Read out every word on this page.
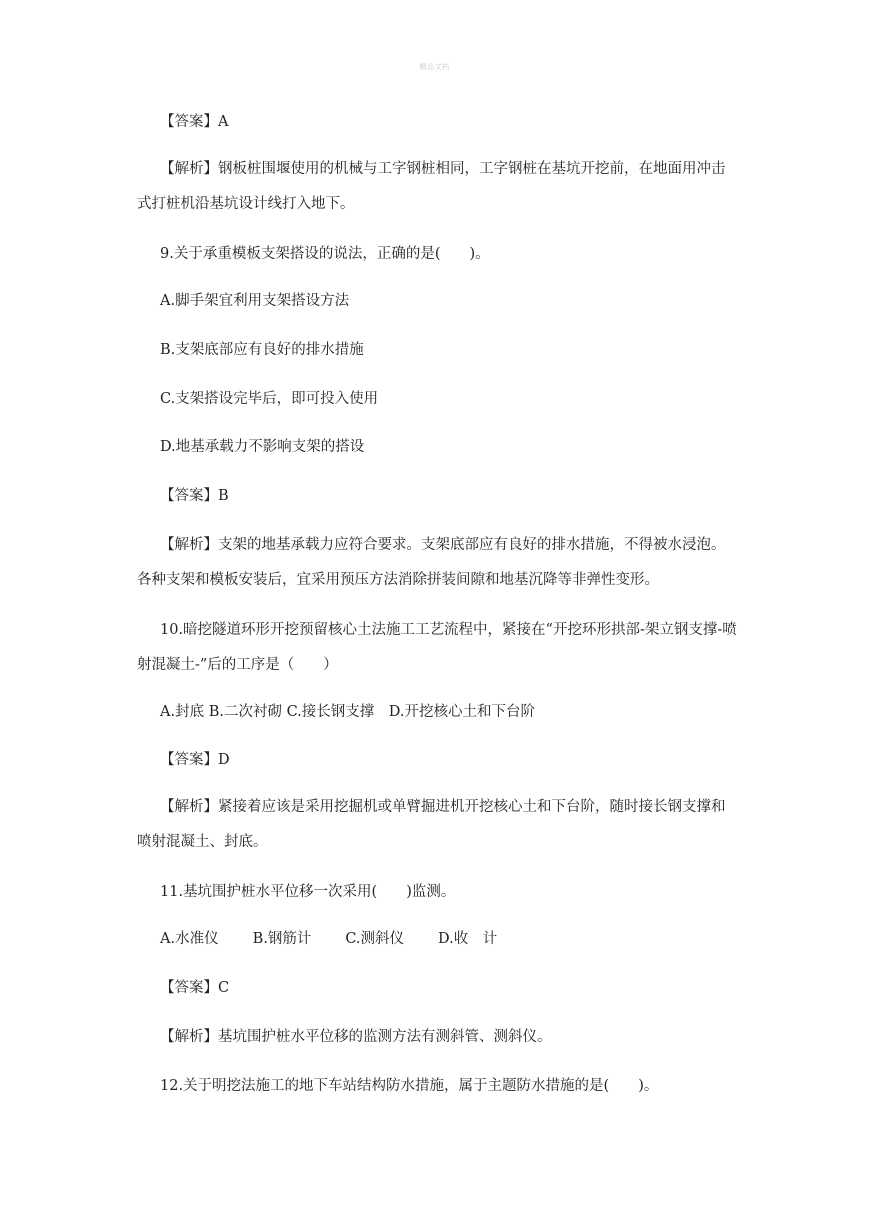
精品文档
【答案】A
【解析】钢板桩围堰使用的机械与工字钢桩相同，工字钢桩在基坑开挖前，在地面用冲击式打桩机沿基坑设计线打入地下。
9.关于承重模板支架搭设的说法，正确的是(　　)。
A.脚手架宜利用支架搭设方法
B.支架底部应有良好的排水措施
C.支架搭设完毕后，即可投入使用
D.地基承载力不影响支架的搭设
【答案】B
【解析】支架的地基承载力应符合要求。支架底部应有良好的排水措施，不得被水浸泡。各种支架和模板安装后，宜采用预压方法消除拼装间隙和地基沉降等非弹性变形。
10.暗挖隧道环形开挖预留核心土法施工工艺流程中，紧接在“开挖环形拱部-架立钢支撑-喷射混凝土-”后的工序是（　　）
A.封底 B.二次衬砌 C.接长钢支撑　D.开挖核心土和下台阶
【答案】D
【解析】紧接着应该是采用挖掘机或单臂掘进机开挖核心土和下台阶，随时接长钢支撑和喷射混凝土、封底。
11.基坑围护桩水平位移一次采用(　　)监测。
A.水准仪 B.钢筋计 C.测斜仪 D.收　计
【答案】C
【解析】基坑围护桩水平位移的监测方法有测斜管、测斜仪。
12.关于明挖法施工的地下车站结构防水措施，属于主题防水措施的是(　　)。
